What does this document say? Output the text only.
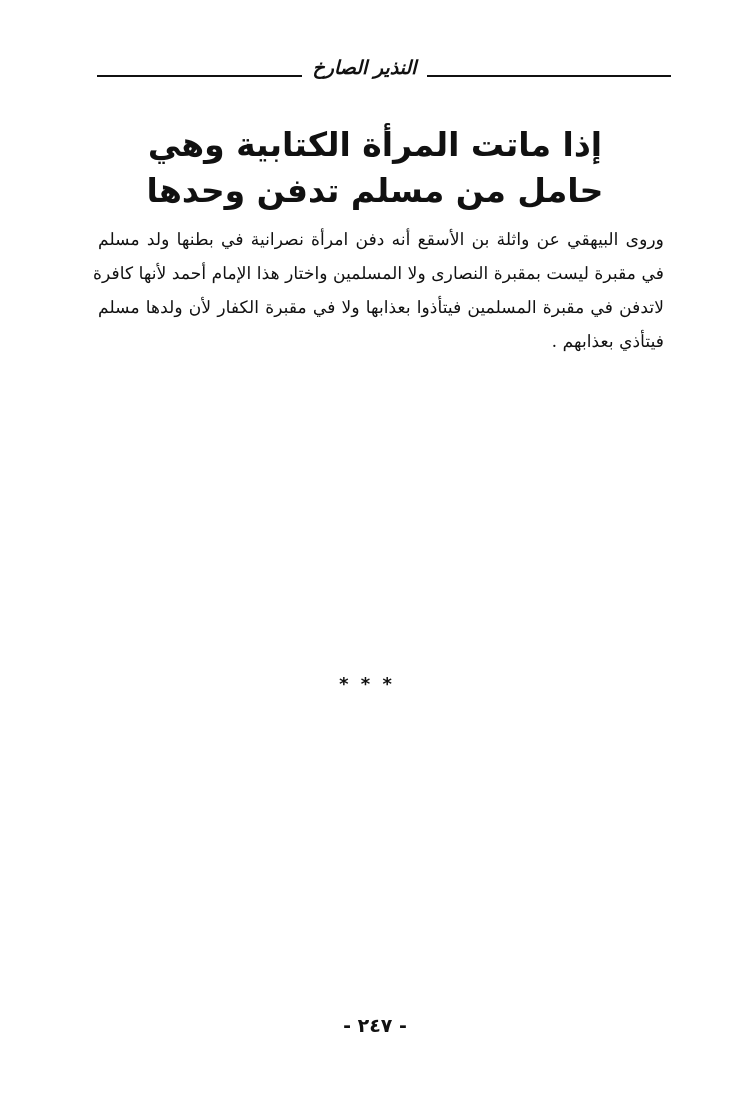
النذير الصارخ
إذا ماتت المرأة الكتابية وهي
حامل من مسلم تدفن وحدها
وروى البيهقي عن واثلة بن الأسقع أنه دفن امرأة نصرانية في بطنها ولد مسلم
في مقبرة ليست بمقبرة النصارى ولا المسلمين واختار هذا الإمام أحمد لأنها كافرة
لاتدفن في مقبرة المسلمين فيتأذوا بعذابها ولا في مقبرة الكفار لأن ولدها مسلم
فيتأذي بعذابهم .
* * *
- ٢٤٧ -
